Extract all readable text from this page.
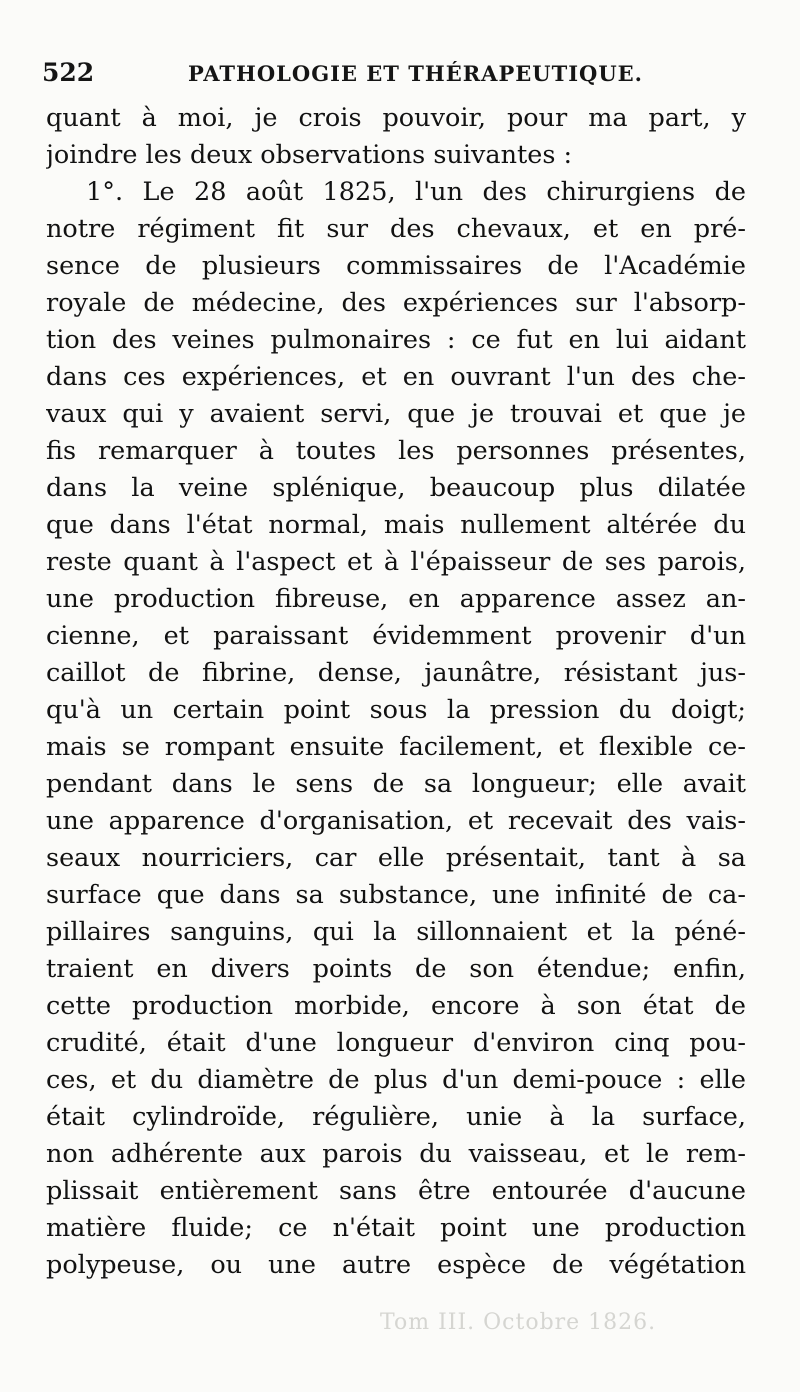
522	PATHOLOGIE ET THÉRAPEUTIQUE.
quant à moi, je crois pouvoir, pour ma part, y
joindre les deux observations suivantes :
1°. Le 28 août 1825, l'un des chirurgiens de
notre régiment fit sur des chevaux, et en pré-
sence de plusieurs commissaires de l'Académie
royale de médecine, des expériences sur l'absorp-
tion des veines pulmonaires : ce fut en lui aidant
dans ces expériences, et en ouvrant l'un des che-
vaux qui y avaient servi, que je trouvai et que je
fis remarquer à toutes les personnes présentes,
dans la veine splénique, beaucoup plus dilatée
que dans l'état normal, mais nullement altérée du
reste quant à l'aspect et à l'épaisseur de ses parois,
une production fibreuse, en apparence assez an-
cienne, et paraissant évidemment provenir d'un
caillot de fibrine, dense, jaunâtre, résistant jus-
qu'à un certain point sous la pression du doigt;
mais se rompant ensuite facilement, et flexible ce-
pendant dans le sens de sa longueur; elle avait
une apparence d'organisation, et recevait des vais-
seaux nourriciers, car elle présentait, tant à sa
surface que dans sa substance, une infinité de ca-
pillaires sanguins, qui la sillonnaient et la péné-
traient en divers points de son étendue; enfin,
cette production morbide, encore à son état de
crudité, était d'une longueur d'environ cinq pou-
ces, et du diamètre de plus d'un demi-pouce : elle
était cylindroïde, régulière, unie à la surface,
non adhérente aux parois du vaisseau, et le rem-
plissait entièrement sans être entourée d'aucune
matière fluide; ce n'était point une production
polypeuse, ou une autre espèce de végétation
Tom III. Octobre 1826.
